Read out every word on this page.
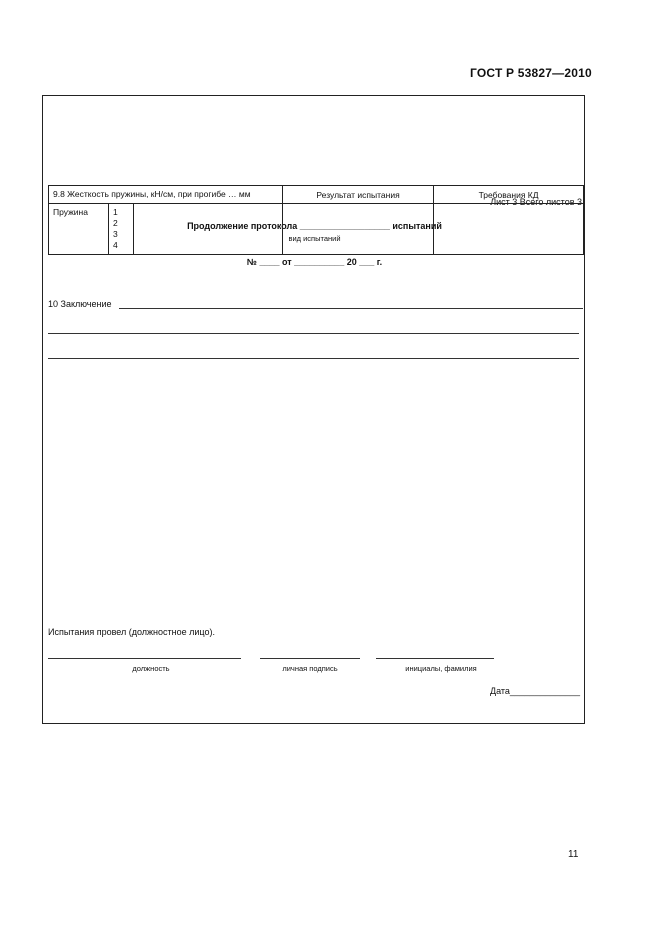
ГОСТ Р 53827—2010
Лист 3 Всего листов 3
Продолжение протокола __________________ испытаний
вид испытаний
№ ____ от __________ 20 ___ г.
9.8 Жесткость пружины, кН/см, при прогибе … мм			Результат испытания	Требования КД
Пружина	1
2
3
4			

10 Заключение
Испытания провел (должностное лицо).
должность	личная подпись	инициалы, фамилия
Дата______________
11
